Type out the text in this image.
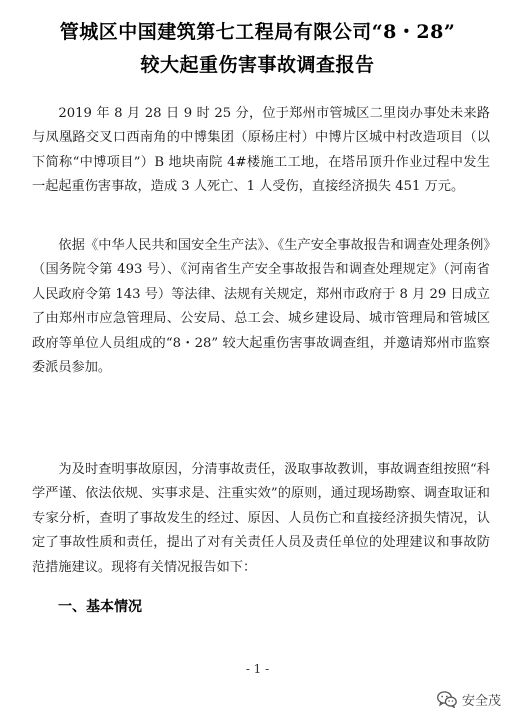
管城区中国建筑第七工程局有限公司“8・28”
较大起重伤害事故调查报告

2019 年 8 月 28 日 9 时 25 分，位于郑州市管城区二里岗办事处未来路与凤凰路交叉口西南角的中博集团（原杨庄村）中博片区城中村改造项目（以下简称“中博项目”）B 地块南院 4#楼施工工地，在塔吊顶升作业过程中发生一起起重伤害事故，造成 3 人死亡、1 人受伤，直接经济损失 451 万元。

依据《中华人民共和国安全生产法》、《生产安全事故报告和调查处理条例》（国务院令第 493 号）、《河南省生产安全事故报告和调查处理规定》（河南省人民政府令第 143 号）等法律、法规有关规定，郑州市政府于 8 月 29 日成立了由郑州市应急管理局、公安局、总工会、城乡建设局、城市管理局和管城区政府等单位人员组成的“8・28” 较大起重伤害事故调查组，并邀请郑州市监察委派员参加。

为及时查明事故原因，分清事故责任，汲取事故教训，事故调查组按照“科学严谨、依法依规、实事求是、注重实效”的原则，通过现场勘察、调查取证和专家分析，查明了事故发生的经过、原因、人员伤亡和直接经济损失情况，认定了事故性质和责任，提出了对有关责任人员及责任单位的处理建议和事故防范措施建议。现将有关情况报告如下：

一、基本情况
- 1 -
安全茂
